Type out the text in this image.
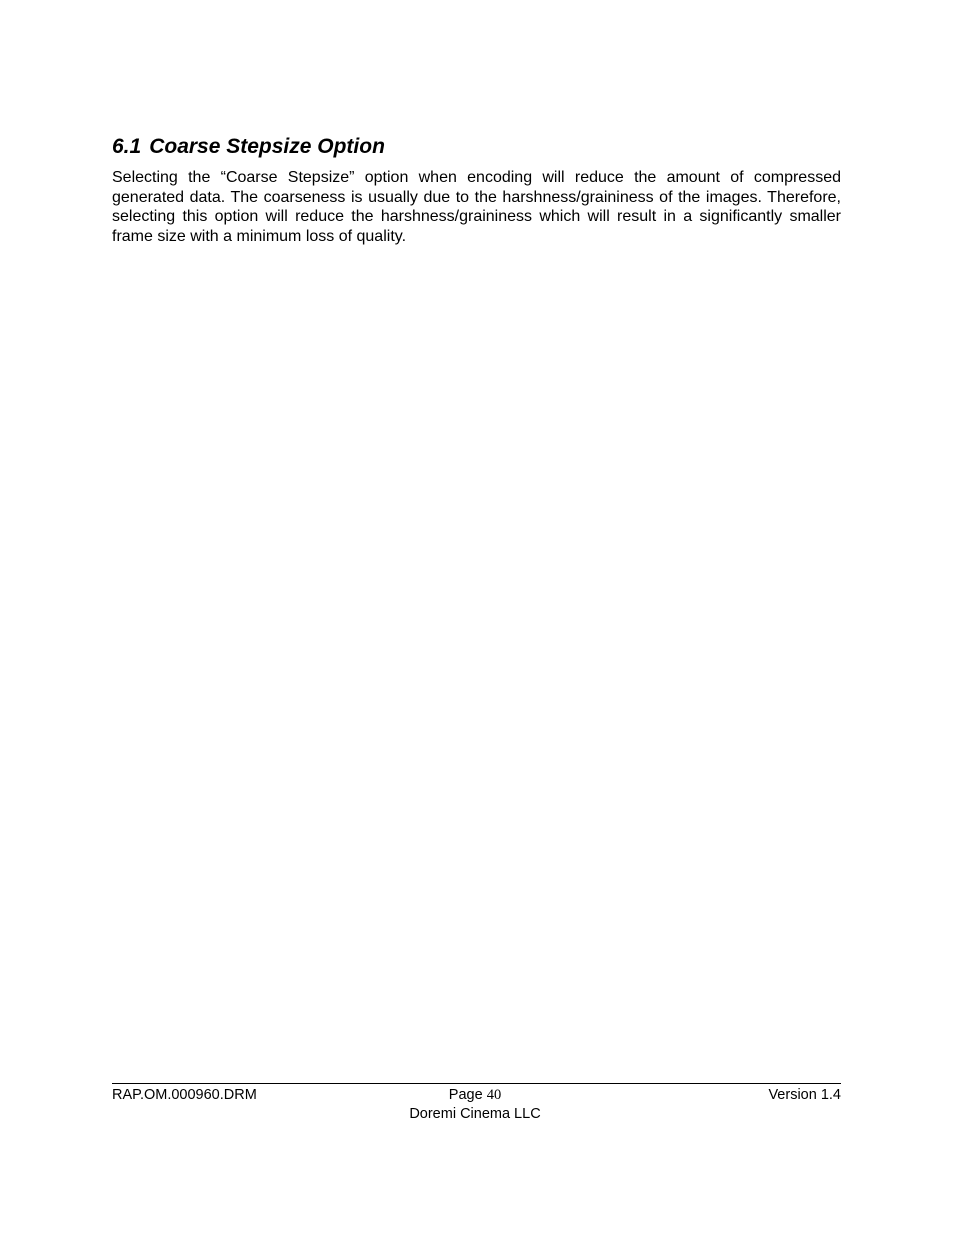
6.1 Coarse Stepsize Option

Selecting the “Coarse Stepsize” option when encoding will reduce the amount of compressed generated data. The coarseness is usually due to the harshness/graininess of the images. Therefore, selecting this option will reduce the harshness/graininess which will result in a significantly smaller frame size with a minimum loss of quality.

RAP.OM.000960.DRM	Page 40
Doremi Cinema LLC
Version 1.4
